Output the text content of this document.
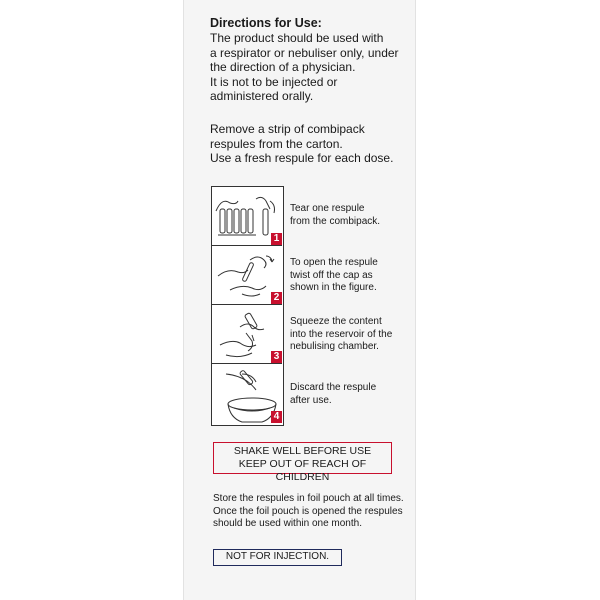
Directions for Use:
The product should be used with
a respirator or nebuliser only, under
the direction of a physician.
It is not to be injected or
administered orally.
Remove a strip of combipack
respules from the carton.
Use a fresh respule for each dose.
1
2
3
4
Tear one respule
from the combipack.
To open the respule
twist off the cap as
shown in the figure.
Squeeze the content
into the reservoir of the
nebulising chamber.
Discard the respule
after use.
SHAKE WELL BEFORE USE
KEEP OUT OF REACH OF CHILDREN
Store the respules in foil pouch at all times.
Once the foil pouch is opened the respules
should be used within one month.
NOT FOR INJECTION.
